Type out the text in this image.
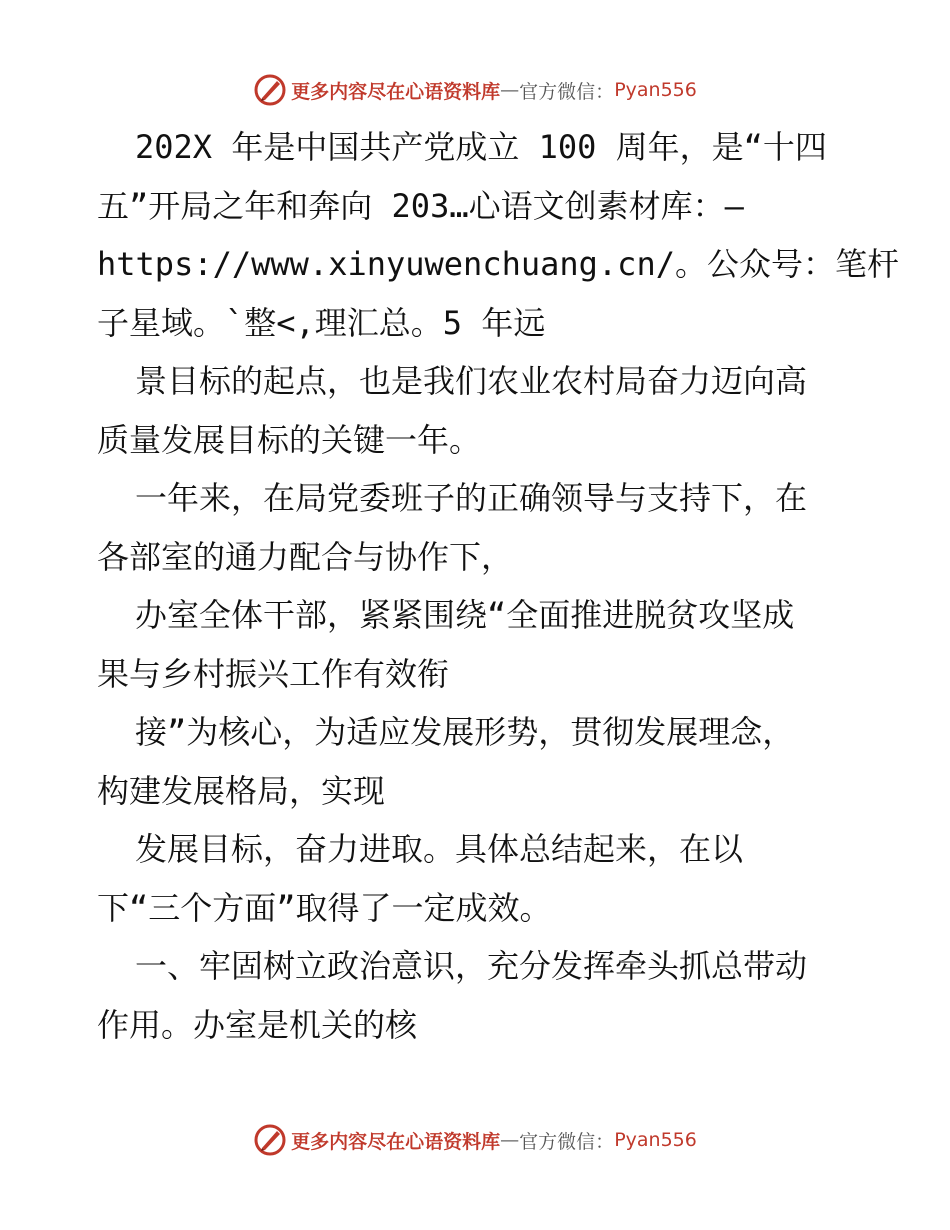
更多内容尽在心语资料库 — 官方微信： Pyan556
202X 年是中国共产党成立 100 周年，是“十四
五”开局之年和奔向 203…心语文创素材库：—
https://www.xinyuwenchuang.cn/。公众号：笔杆
子星域。`整<,理汇总。5 年远
景目标的起点，也是我们农业农村局奋力迈向高
质量发展目标的关键一年。
一年来，在局党委班子的正确领导与支持下，在
各部室的通力配合与协作下，
办室全体干部，紧紧围绕“全面推进脱贫攻坚成
果与乡村振兴工作有效衔
接”为核心，为适应发展形势，贯彻发展理念，
构建发展格局，实现
发展目标，奋力进取。具体总结起来，在以
下“三个方面”取得了一定成效。
一、牢固树立政治意识，充分发挥牵头抓总带动
作用。办室是机关的核
更多内容尽在心语资料库 — 官方微信： Pyan556
